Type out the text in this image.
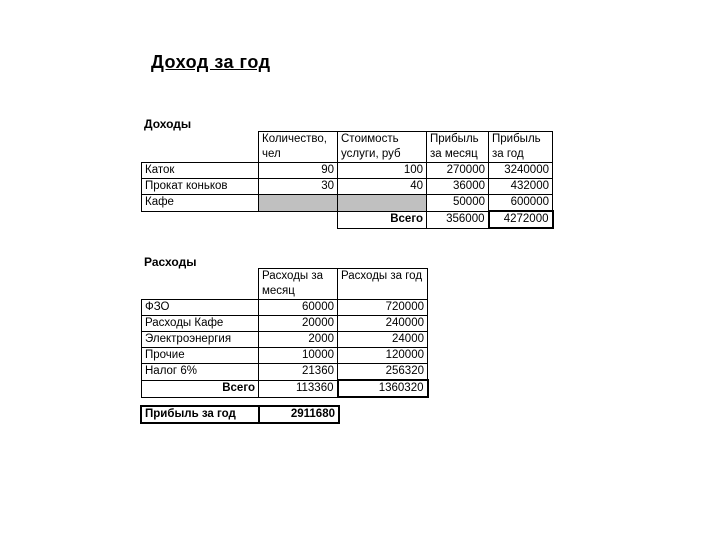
Доход за год
Доходы
	Количество, чел	Стоимость услуги, руб	Прибыль за месяц	Прибыль за год
Каток	90	100	270000	3240000
Прокат коньков	30	40	36000	432000
Кафе			50000	600000
		Всего	356000	4272000
Расходы
	Расходы за месяц	Расходы за год
ФЗО	60000	720000
Расходы Кафе	20000	240000
Электроэнергия	2000	24000
Прочие	10000	120000
Налог 6%	21360	256320
Всего	113360	1360320
Прибыль за год	2911680
